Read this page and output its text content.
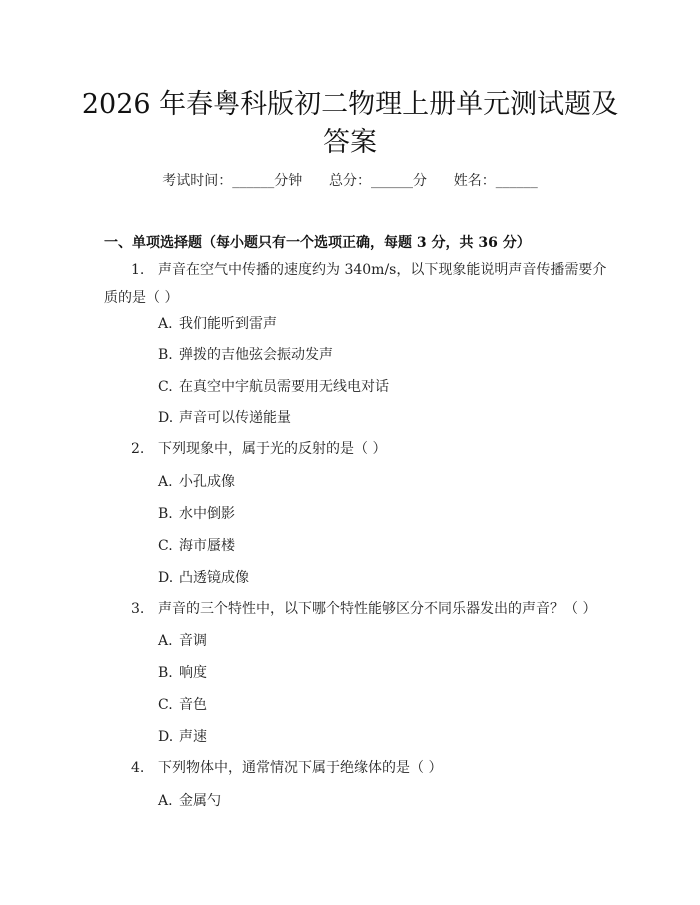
2026 年春粤科版初二物理上册单元测试题及
答案
考试时间：______分钟      总分：______分      姓名：______
一、单项选择题（每小题只有一个选项正确，每题 3 分，共 36 分）
1. 声音在空气中传播的速度约为 340m/s，以下现象能说明声音传播需要介
质的是（ ）
A. 我们能听到雷声
B. 弹拨的吉他弦会振动发声
C. 在真空中宇航员需要用无线电对话
D. 声音可以传递能量
2. 下列现象中，属于光的反射的是（ ）
A. 小孔成像
B. 水中倒影
C. 海市蜃楼
D. 凸透镜成像
3. 声音的三个特性中，以下哪个特性能够区分不同乐器发出的声音？（ ）
A. 音调
B. 响度
C. 音色
D. 声速
4. 下列物体中，通常情况下属于绝缘体的是（ ）
A. 金属勺
